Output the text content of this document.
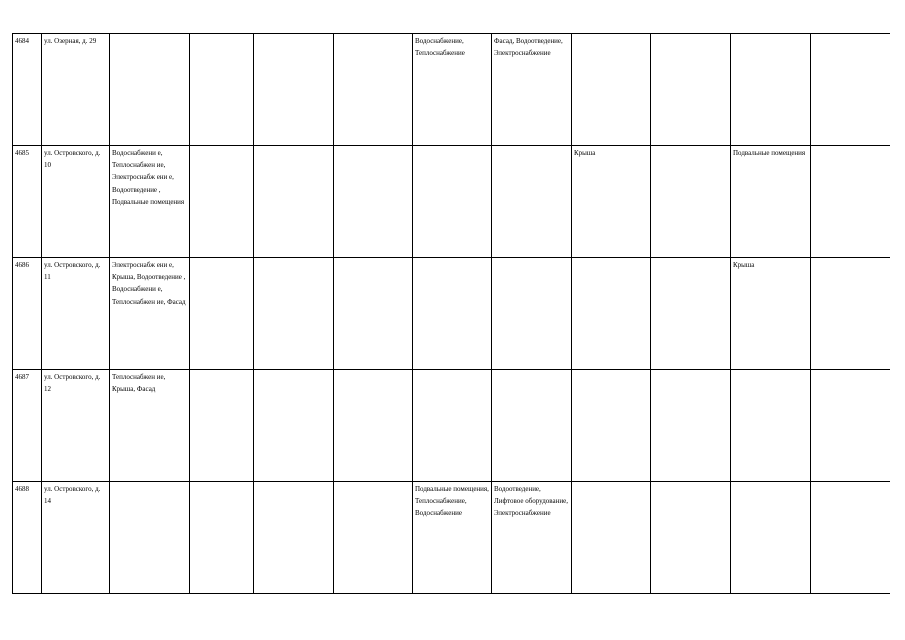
4684	ул. Озерная, д. 29					Водоснабжение, Теплоснабжение	Фасад, Водоотведение, Электроснабжение				

4685	ул. Островского, д. 10	Водоснабжени е, Теплоснабжен ие, Электроснабж ени е, Водоотведение , Подвальные помещения						Крыша		Подвальные помещения	

4686	ул. Островского, д. 11	Электроснабж ени е, Крыша, Водоотведение , Водоснабжени е, Теплоснабжен ие, Фасад								Крыша	

4687	ул. Островского, д. 12	Теплоснабжен ие, Крыша, Фасад									

4688	ул. Островского, д. 14					Подвальные помещения, Теплоснабжение, Водоснабжение	Водоотведение, Лифтовое оборудование, Электроснабжение				
